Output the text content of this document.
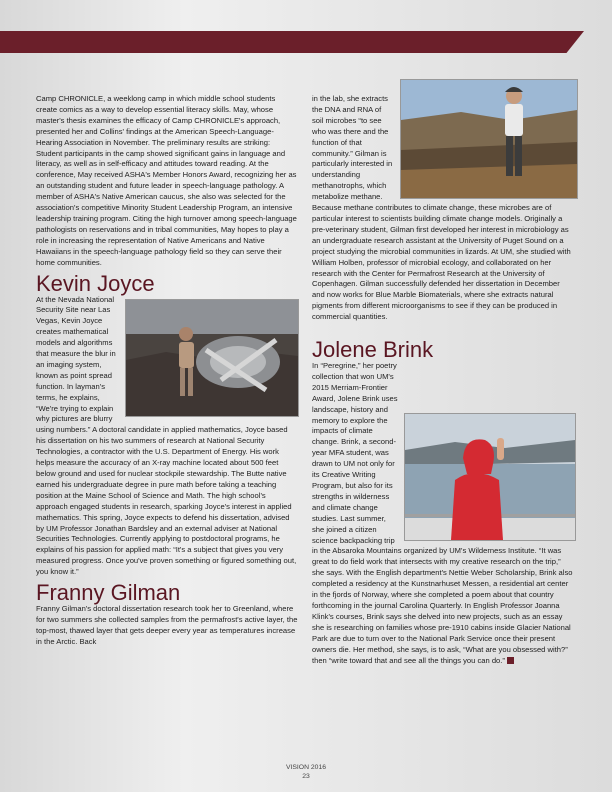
Camp CHRONICLE, a weeklong camp in which middle school students create comics as a way to develop essential literacy skills. May, whose master's thesis examines the efficacy of Camp CHRONICLE's approach, presented her and Collins' findings at the American Speech-Language-Hearing Association in November. The preliminary results are striking: Student participants in the camp showed significant gains in language and literacy, as well as in self-efficacy and attitudes toward reading. At the conference, May received ASHA's Member Honors Award, recognizing her as an outstanding student and future leader in speech-language pathology. A member of ASHA's Native American caucus, she also was selected for the association's competitive Minority Student Leadership Program, an intensive leadership training program. Citing the high turnover among speech-language pathologists on reservations and in tribal communities, May hopes to play a role in increasing the representation of Native Americans and Native Hawaiians in the speech-language pathology field so they can serve their home communities.

Kevin Joyce

At the Nevada National Security Site near Las Vegas, Kevin Joyce creates mathematical models and algorithms that measure the blur in an imaging system, known as point spread function. In layman's terms, he explains, “We're trying to explain why pictures are blurry using numbers.” A doctoral candidate in applied mathematics, Joyce based his dissertation on his two summers of research at National Security Technologies, a contractor with the U.S. Department of Energy. His work helps measure the accuracy of an X-ray machine located about 500 feet below ground and used for nuclear stockpile stewardship. The Butte native earned his undergraduate degree in pure math before taking a teaching position at the Maine School of Science and Math. The high school's approach engaged students in research, sparking Joyce's interest in applied mathematics. This spring, Joyce expects to defend his dissertation, advised by UM Professor Jonathan Bardsley and an external adviser at National Securities Technologies. Currently applying to postdoctoral programs, he explains of his passion for applied math: “It's a subject that gives you very measured progress. Once you've proven something or figured something out, you know it.”

Franny Gilman

Franny Gilman's doctoral dissertation research took her to Greenland, where for two summers she collected samples from the permafrost's active layer, the top-most, thawed layer that gets deeper every year as temperatures increase in the Arctic. Back

in the lab, she extracts the DNA and RNA of soil microbes “to see who was there and the function of that community.” Gilman is particularly interested in understanding methanotrophs, which metabolize methane. Because methane contributes to climate change, these microbes are of particular interest to scientists building climate change models. Originally a pre-veterinary student, Gilman first developed her interest in microbiology as an undergraduate research assistant at the University of Puget Sound on a project studying the microbial communities in lizards. At UM, she studied with William Holben, professor of microbial ecology, and collaborated on her research with the Center for Permafrost Research at the University of Copenhagen. Gilman successfully defended her dissertation in December and now works for Blue Marble Biomaterials, where she extracts natural pigments from different microorganisms to see if they can be produced in commercial quantities.

Jolene Brink

In “Peregrine,” her poetry collection that won UM's 2015 Merriam-Frontier Award, Jolene Brink uses landscape, history and memory to explore the impacts of climate change. Brink, a second-year MFA student, was drawn to UM not only for its Creative Writing Program, but also for its strengths in wilderness and climate change studies. Last summer, she joined a citizen science backpacking trip in the Absaroka Mountains organized by UM's Wilderness Institute. “It was great to do field work that intersects with my creative research on the trip,” she says. With the English department's Nettie Weber Scholarship, Brink also completed a residency at the Kunstnarhuset Messen, a residential art center in the fjords of Norway, where she completed a poem about that country forthcoming in the journal Carolina Quarterly. In English Professor Joanna Klink's courses, Brink says she delved into new projects, such as an essay she is researching on families whose pre-1910 cabins inside Glacier National Park are due to turn over to the National Park Service once their present owners die. Her method, she says, is to ask, “What are you obsessed with?” then “write toward that and see all the things you can do.”

VISION 2016
23
